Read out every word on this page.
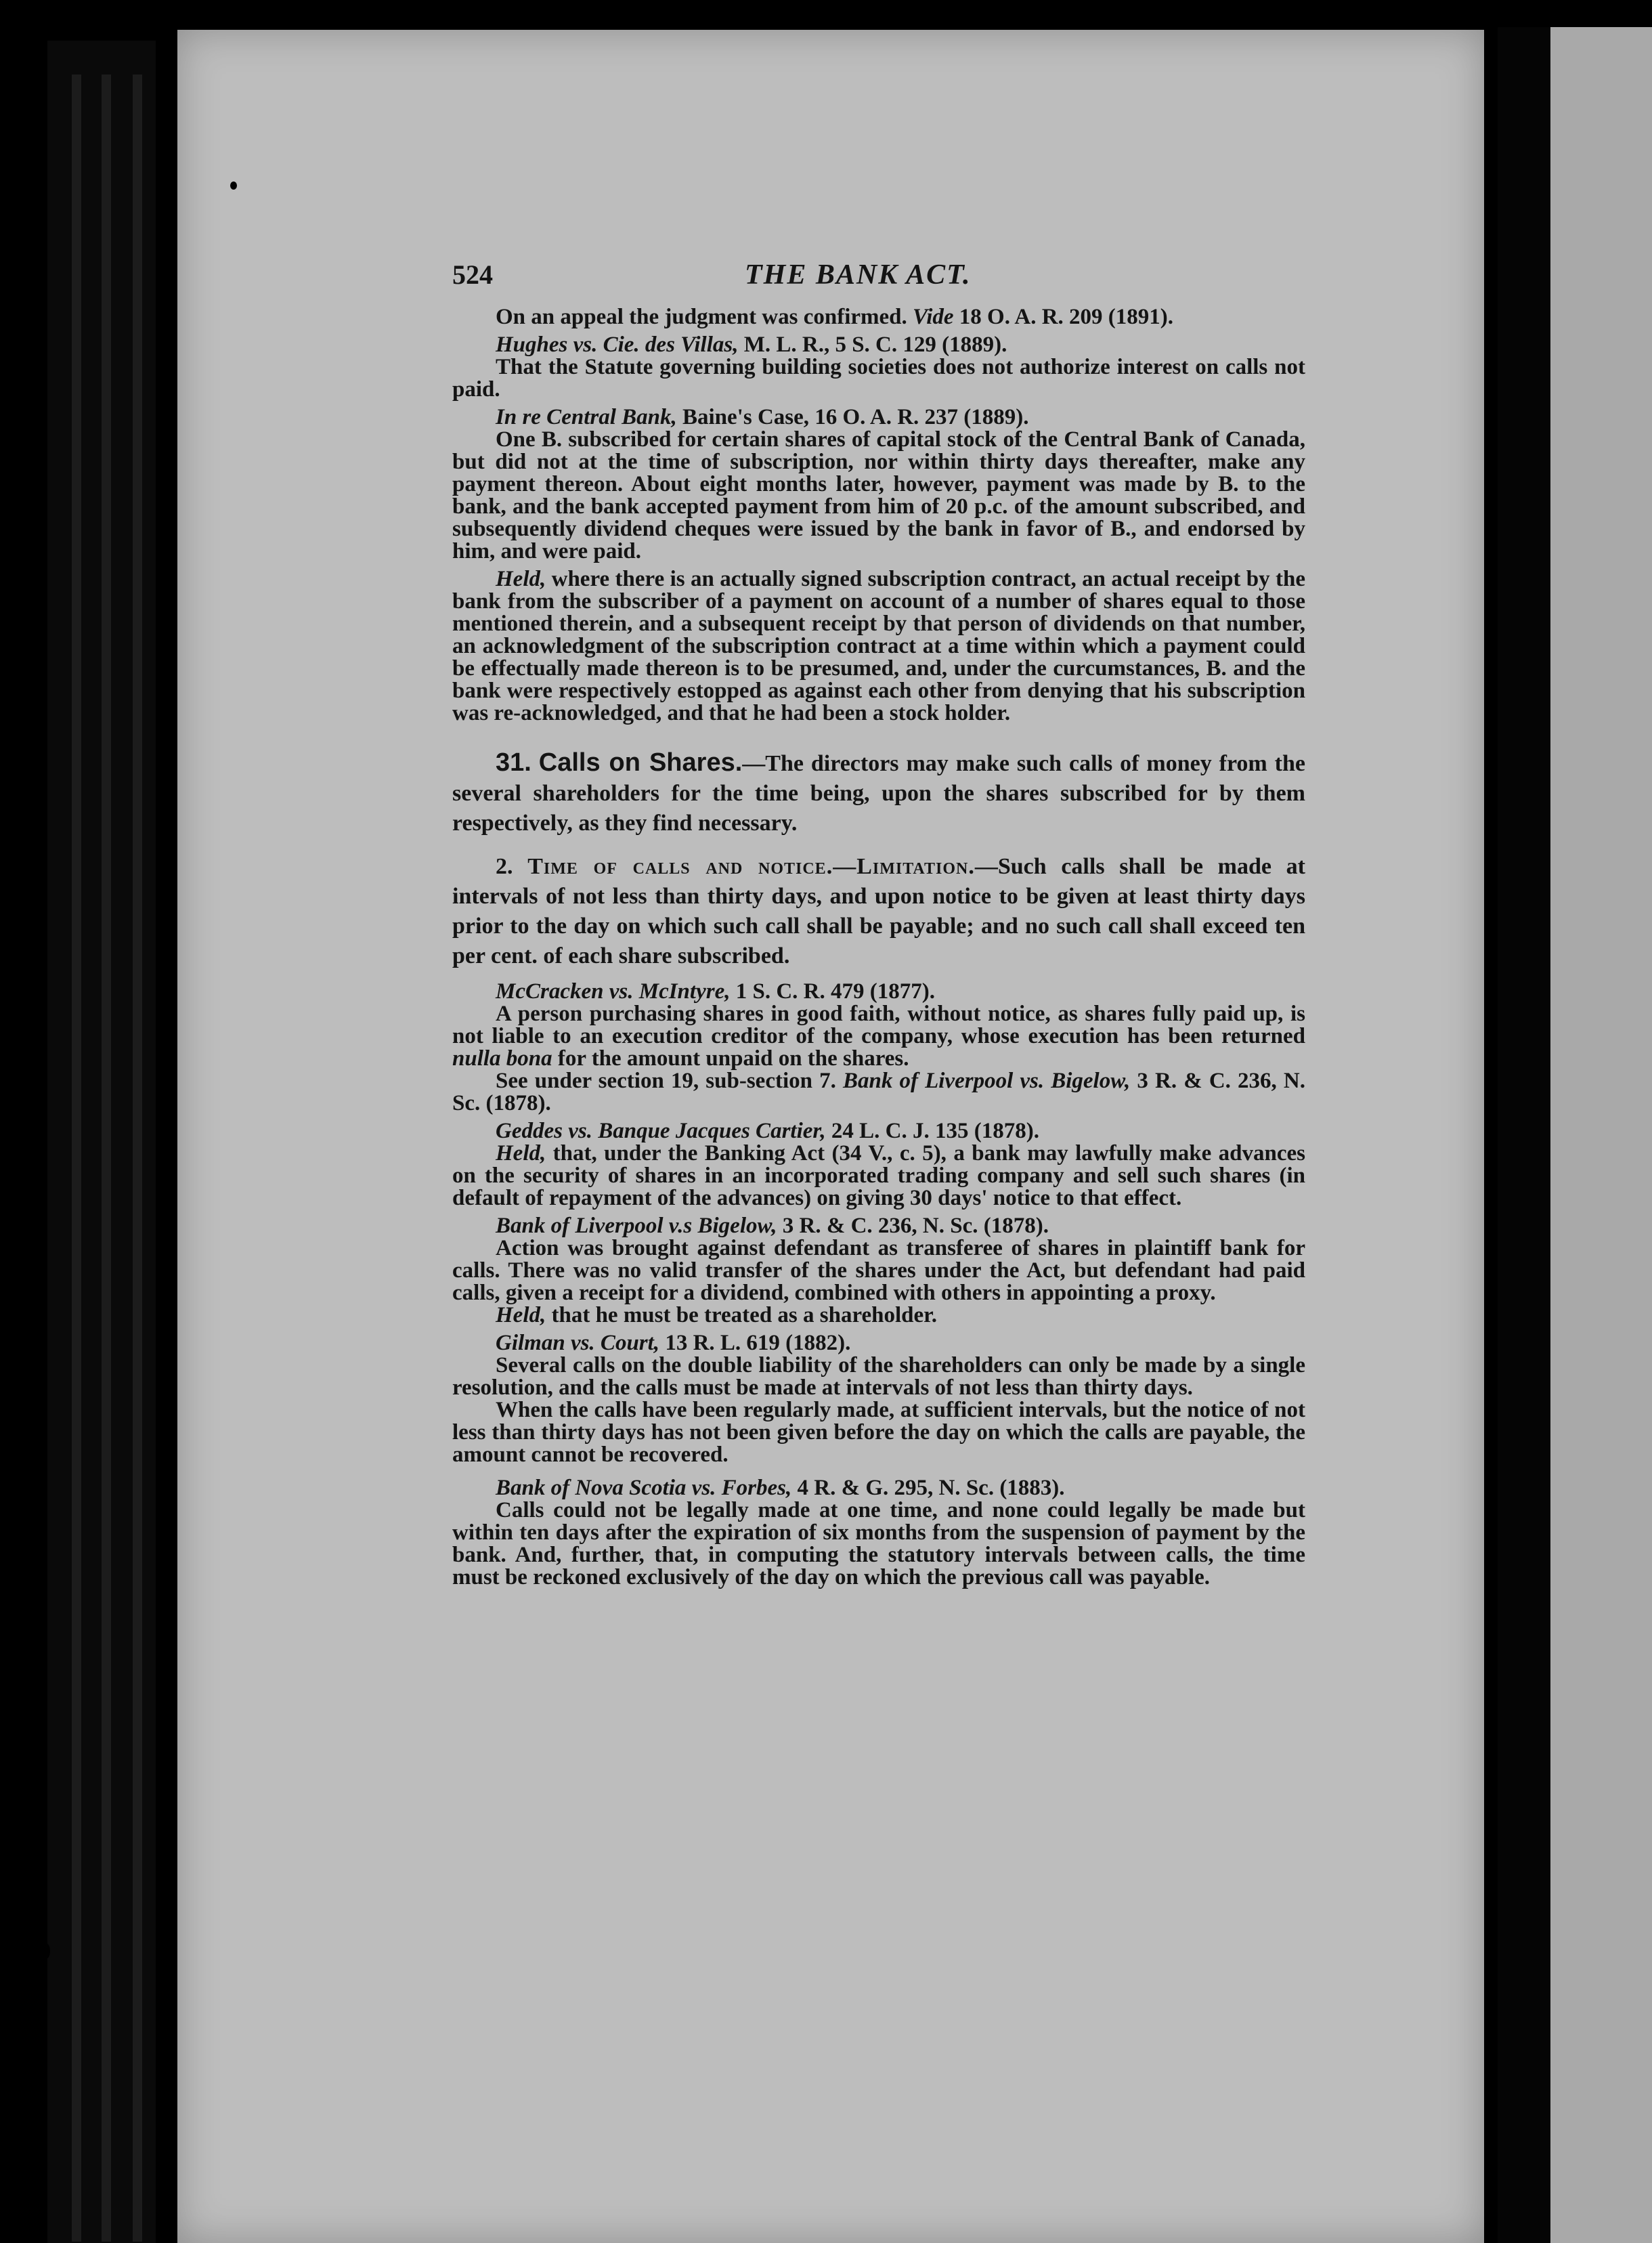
524	THE BANK ACT.

On an appeal the judgment was confirmed. Vide 18 O. A. R. 209 (1891).

Hughes vs. Cie. des Villas, M. L. R., 5 S. C. 129 (1889).

That the Statute governing building societies does not authorize interest on calls not paid.

In re Central Bank, Baine's Case, 16 O. A. R. 237 (1889).

One B. subscribed for certain shares of capital stock of the Central Bank of Canada, but did not at the time of subscription, nor within thirty days thereafter, make any payment thereon. About eight months later, however, payment was made by B. to the bank, and the bank accepted payment from him of 20 p.c. of the amount subscribed, and subsequently dividend cheques were issued by the bank in favor of B., and endorsed by him, and were paid.

Held, where there is an actually signed subscription contract, an actual receipt by the bank from the subscriber of a payment on account of a number of shares equal to those mentioned therein, and a subsequent receipt by that person of dividends on that number, an acknowledgment of the subscription contract at a time within which a payment could be effectually made thereon is to be presumed, and, under the curcumstances, B. and the bank were respectively estopped as against each other from denying that his subscription was re-acknowledged, and that he had been a stock holder.

31. Calls on Shares.—The directors may make such calls of money from the several shareholders for the time being, upon the shares subscribed for by them respectively, as they find necessary.

2. Time of calls and notice.—Limitation.—Such calls shall be made at intervals of not less than thirty days, and upon notice to be given at least thirty days prior to the day on which such call shall be payable; and no such call shall exceed ten per cent. of each share subscribed.

McCracken vs. McIntyre, 1 S. C. R. 479 (1877).

A person purchasing shares in good faith, without notice, as shares fully paid up, is not liable to an execution creditor of the company, whose execution has been returned nulla bona for the amount unpaid on the shares.

See under section 19, sub-section 7. Bank of Liverpool vs. Bigelow, 3 R. & C. 236, N. Sc. (1878).

Geddes vs. Banque Jacques Cartier, 24 L. C. J. 135 (1878).

Held, that, under the Banking Act (34 V., c. 5), a bank may lawfully make advances on the security of shares in an incorporated trading company and sell such shares (in default of repayment of the advances) on giving 30 days' notice to that effect.

Bank of Liverpool v.s Bigelow, 3 R. & C. 236, N. Sc. (1878).

Action was brought against defendant as transferee of shares in plaintiff bank for calls. There was no valid transfer of the shares under the Act, but defendant had paid calls, given a receipt for a dividend, combined with others in appointing a proxy.

Held, that he must be treated as a shareholder.

Gilman vs. Court, 13 R. L. 619 (1882).

Several calls on the double liability of the shareholders can only be made by a single resolution, and the calls must be made at intervals of not less than thirty days.

When the calls have been regularly made, at sufficient intervals, but the notice of not less than thirty days has not been given before the day on which the calls are payable, the amount cannot be recovered.

Bank of Nova Scotia vs. Forbes, 4 R. & G. 295, N. Sc. (1883).

Calls could not be legally made at one time, and none could legally be made but within ten days after the expiration of six months from the suspension of payment by the bank. And, further, that, in computing the statutory intervals between calls, the time must be reckoned exclusively of the day on which the previous call was payable.
